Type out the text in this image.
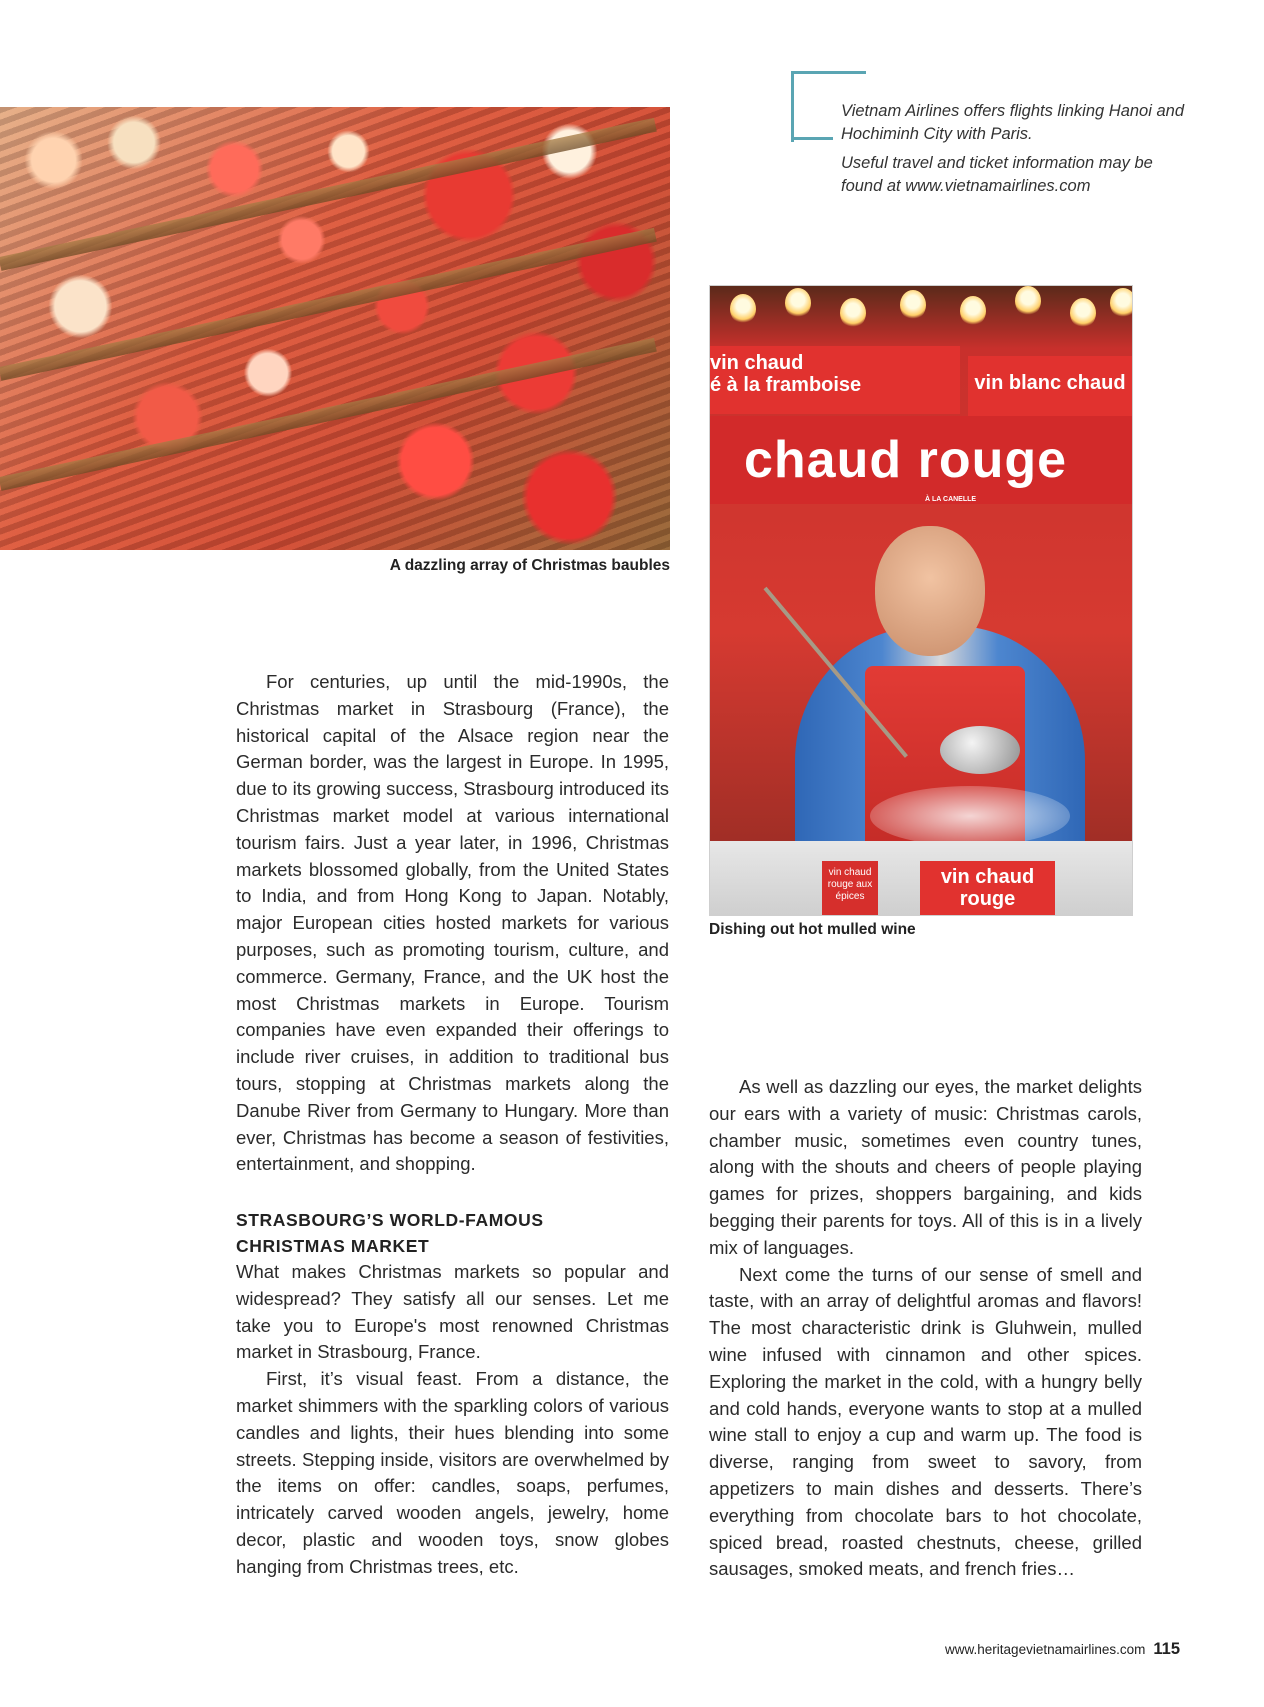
Vietnam Airlines offers flights linking Hanoi and Hochiminh City with Paris.

Useful travel and ticket information may be found at www.vietnamairlines.com

A dazzling array of Christmas baubles
vin chaud
é à la framboise	vin blanc chaud
chaud rouge
À LA CANELLE
vin chaud rouge aux épices
vin chaud rouge
Dishing out hot mulled wine

For centuries, up until the mid-1990s, the Christmas market in Strasbourg (France), the historical capital of the Alsace region near the German border, was the largest in Europe. In 1995, due to its growing success, Strasbourg introduced its Christmas market model at various international tourism fairs. Just a year later, in 1996, Christmas markets blossomed globally, from the United States to India, and from Hong Kong to Japan. Notably, major European cities hosted markets for various purposes, such as promoting tourism, culture, and commerce. Germany, France, and the UK host the most Christmas markets in Europe. Tourism companies have even expanded their offerings to include river cruises, in addition to traditional bus tours, stopping at Christmas markets along the Danube River from Germany to Hungary. More than ever, Christmas has become a season of festivities, entertainment, and shopping.

STRASBOURG’S WORLD-FAMOUS
CHRISTMAS MARKET

What makes Christmas markets so popular and widespread? They satisfy all our senses. Let me take you to Europe's most renowned Christmas market in Strasbourg, France.

First, it’s visual feast. From a distance, the market shimmers with the sparkling colors of various candles and lights, their hues blending into some streets. Stepping inside, visitors are overwhelmed by the items on offer: candles, soaps, perfumes, intricately carved wooden angels, jewelry, home decor, plastic and wooden toys, snow globes hanging from Christmas trees, etc.

As well as dazzling our eyes, the market delights our ears with a variety of music: Christmas carols, chamber music, sometimes even country tunes, along with the shouts and cheers of people playing games for prizes, shoppers bargaining, and kids begging their parents for toys. All of this is in a lively mix of languages.

Next come the turns of our sense of smell and taste, with an array of delightful aromas and flavors! The most characteristic drink is Gluhwein, mulled wine infused with cinnamon and other spices. Exploring the market in the cold, with a hungry belly and cold hands, everyone wants to stop at a mulled wine stall to enjoy a cup and warm up. The food is diverse, ranging from sweet to savory, from appetizers to main dishes and desserts. There’s everything from chocolate bars to hot chocolate, spiced bread, roasted chestnuts, cheese, grilled sausages, smoked meats, and french fries…

www.heritagevietnamairlines.com 115
